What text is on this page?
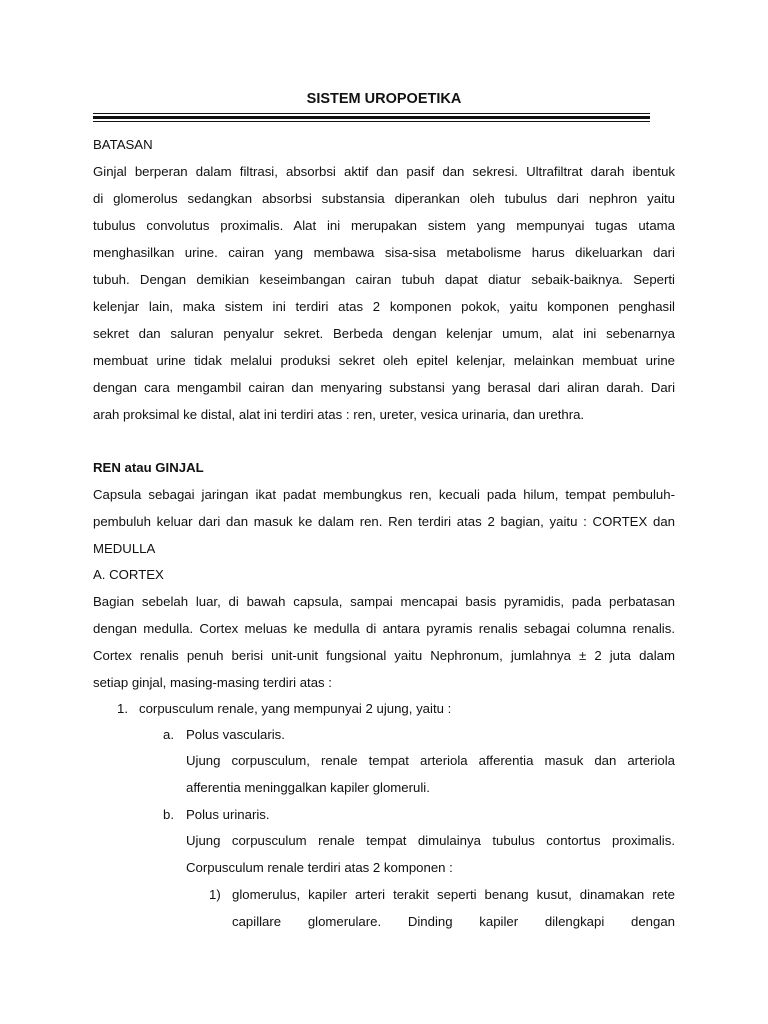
SISTEM UROPOETIKA
BATASAN
Ginjal berperan dalam filtrasi, absorbsi aktif dan pasif dan sekresi. Ultrafiltrat darah ibentuk
di glomerolus sedangkan absorbsi substansia diperankan oleh tubulus dari nephron yaitu
tubulus convolutus proximalis. Alat ini merupakan sistem yang mempunyai tugas utama
menghasilkan urine. cairan yang membawa sisa-sisa metabolisme harus dikeluarkan dari
tubuh. Dengan demikian keseimbangan cairan tubuh dapat diatur sebaik-baiknya. Seperti
kelenjar lain, maka sistem ini terdiri atas 2 komponen pokok, yaitu komponen penghasil
sekret dan saluran penyalur sekret. Berbeda dengan kelenjar umum, alat ini sebenarnya
membuat urine tidak melalui produksi sekret oleh epitel kelenjar, melainkan membuat urine
dengan cara mengambil cairan dan menyaring substansi yang berasal dari aliran darah. Dari
arah proksimal ke distal, alat ini terdiri atas : ren, ureter, vesica urinaria, dan urethra.
REN atau GINJAL
Capsula sebagai jaringan ikat padat membungkus ren, kecuali pada hilum, tempat pembuluh-
pembuluh keluar dari dan masuk ke dalam ren. Ren terdiri atas 2 bagian, yaitu : CORTEX dan
MEDULLA
A. CORTEX
Bagian sebelah luar, di bawah capsula, sampai mencapai basis pyramidis, pada perbatasan
dengan medulla. Cortex meluas ke medulla di antara pyramis renalis sebagai columna renalis.
Cortex renalis penuh berisi unit-unit fungsional yaitu Nephronum, jumlahnya ± 2 juta dalam
setiap ginjal, masing-masing terdiri atas :
1. corpusculum renale, yang mempunyai 2 ujung, yaitu :
a. Polus vascularis.
Ujung corpusculum, renale tempat arteriola afferentia masuk dan arteriola
afferentia meninggalkan kapiler glomeruli.
b. Polus urinaris.
Ujung corpusculum renale tempat dimulainya tubulus contortus proximalis.
Corpusculum renale terdiri atas 2 komponen :
1) glomerulus, kapiler arteri terakit seperti benang kusut, dinamakan rete
capillare glomerulare. Dinding kapiler dilengkapi dengan
